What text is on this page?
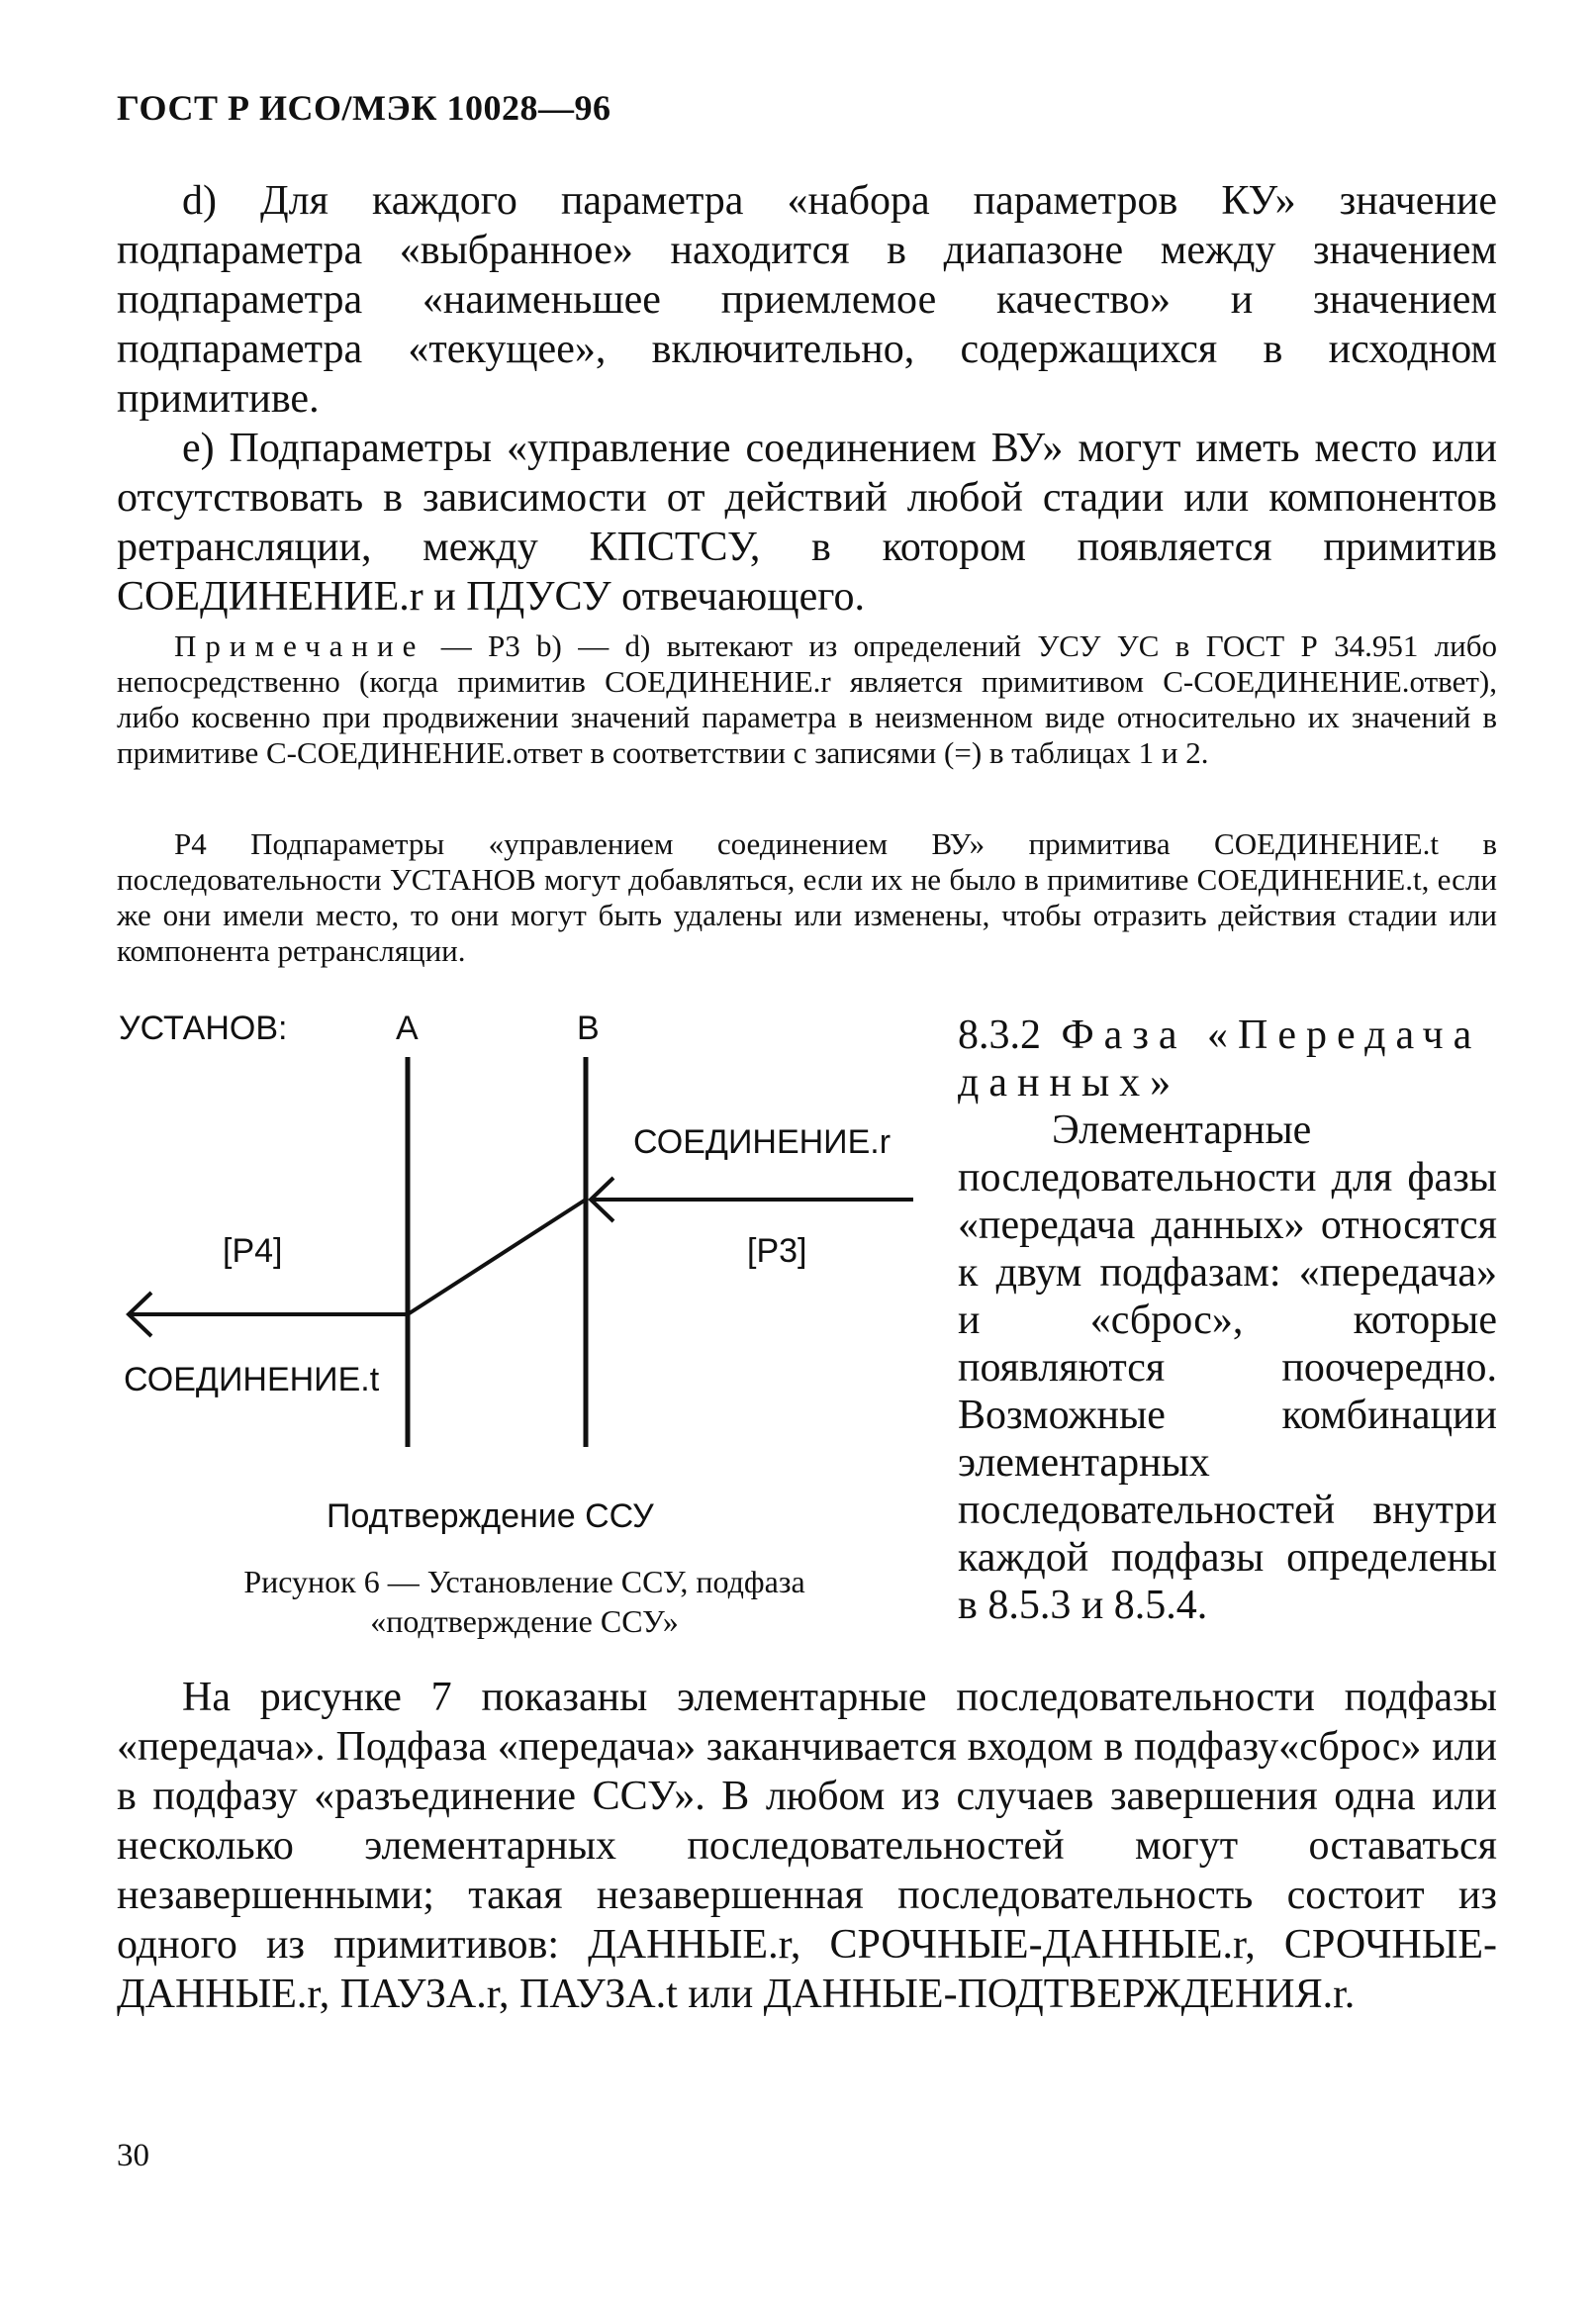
ГОСТ Р ИСО/МЭК 10028—96

d) Для каждого параметра «набора параметров КУ» значение подпараметра «выбранное» находится в диапазоне между значением подпараметра «наименьшее приемлемое качество» и значением подпараметра «текущее», включительно, содержащихся в исходном примитиве.

e) Подпараметры «управление соединением ВУ» могут иметь место или отсутствовать в зависимости от действий любой стадии или компонентов ретрансляции, между КПСТСУ, в котором появляется примитив СОЕДИНЕНИЕ.r и ПДУСУ отвечающего.

Примечание — Р3 b) — d) вытекают из определений УСУ УС в ГОСТ Р 34.951 либо непосредственно (когда примитив СОЕДИНЕНИЕ.r является примитивом С-СОЕДИНЕНИЕ.ответ), либо косвенно при продвижении значений параметра в неизменном виде относительно их значений в примитиве С-СОЕДИНЕНИЕ.ответ в соответствии с записями (=) в таблицах 1 и 2.

Р4 Подпараметры «управлением соединением ВУ» примитива СОЕДИНЕНИЕ.t в последовательности УСТАНОВ могут добавляться, если их не было в примитиве СОЕДИНЕНИЕ.t, если же они имели место, то они могут быть удалены или изменены, чтобы отразить действия стадии или компонента ретрансляции.

УСТАНОВ:	A	B
СОЕДИНЕНИЕ.r
[P4]	[P3]
СОЕДИНЕНИЕ.t
Подтверждение ССУ
Рисунок 6 — Установление ССУ, подфаза
«подтверждение ССУ»

8.3.2 Фаза «Передача данных»

Элементарные последовательности для фазы «передача данных» относятся к двум подфазам: «передача» и «сброс», которые появляются поочередно. Возможные комбинации элементарных последовательностей внутри каждой подфазы определены в 8.5.3 и 8.5.4.

На рисунке 7 показаны элементарные последовательности подфазы «передача». Подфаза «передача» заканчивается входом в подфазу«сброс» или в подфазу «разъединение ССУ». В любом из случаев завершения одна или несколько элементарных последовательностей могут оставаться незавершенными; такая незавершенная последовательность состоит из одного из примитивов: ДАННЫЕ.r, СРОЧНЫЕ-ДАННЫЕ.r, СРОЧНЫЕ-ДАННЫЕ.r, ПАУЗА.r, ПАУЗА.t или ДАННЫЕ-ПОДТВЕРЖДЕНИЯ.r.

30
